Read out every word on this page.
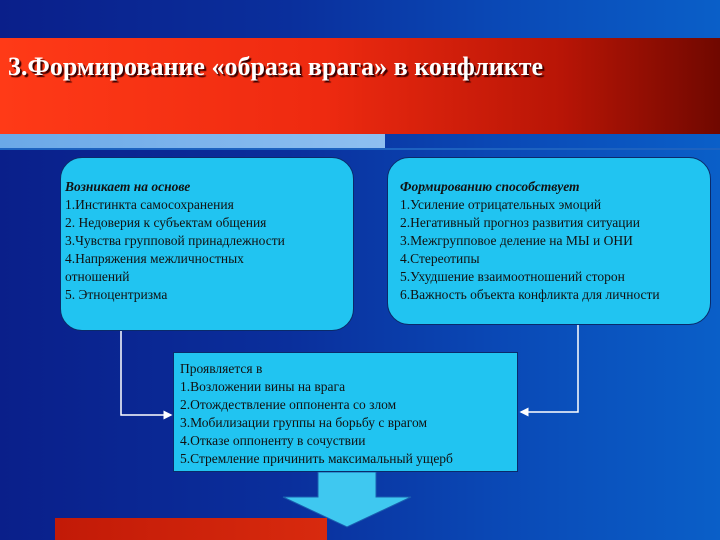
3.Формирование «образа врага» в конфликте
Возникает на основе
1.Инстинкта самосохранения
2. Недоверия к субъектам общения
3.Чувства групповой принадлежности
4.Напряжения межличностных
отношений
5. Этноцентризма
Формированию способствует
1.Усиление отрицательных эмоций
2.Негативный прогноз развития ситуации
3.Межгрупповое деление на МЫ и ОНИ
4.Стереотипы
5.Ухудшение взаимоотношений сторон
6.Важность объекта конфликта для личности
Проявляется в
1.Возложении вины на врага
2.Отождествление оппонента со злом
3.Мобилизации группы на борьбу с врагом
4.Отказе оппоненту в сочуствии
5.Стремление причинить максимальный ущерб
